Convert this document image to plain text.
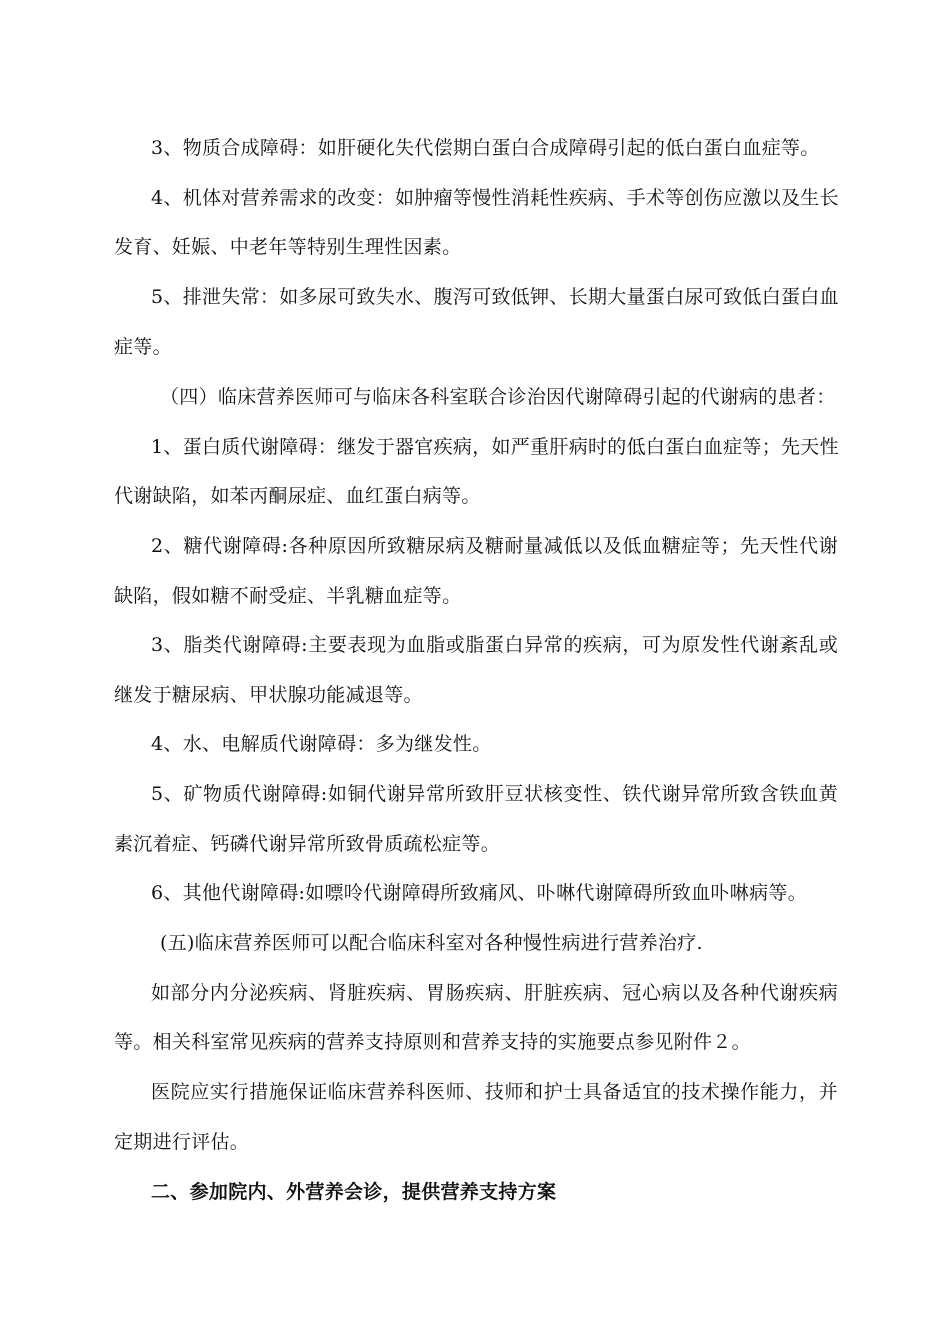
3、物质合成障碍：如肝硬化失代偿期白蛋白合成障碍引起的低白蛋白血症等。
4、机体对营养需求的改变：如肿瘤等慢性消耗性疾病、手术等创伤应激以及生长
发育、妊娠、中老年等特别生理性因素。
5、排泄失常：如多尿可致失水、腹泻可致低钾、长期大量蛋白尿可致低白蛋白血
症等。
（四）临床营养医师可与临床各科室联合诊治因代谢障碍引起的代谢病的患者：
1、蛋白质代谢障碍：继发于器官疾病，如严重肝病时的低白蛋白血症等；先天性
代谢缺陷，如苯丙酮尿症、血红蛋白病等。
2、糖代谢障碍:各种原因所致糖尿病及糖耐量减低以及低血糖症等；先天性代谢
缺陷，假如糖不耐受症、半乳糖血症等。
3、脂类代谢障碍:主要表现为血脂或脂蛋白异常的疾病，可为原发性代谢紊乱或
继发于糖尿病、甲状腺功能减退等。
4、水、电解质代谢障碍：多为继发性。
5、矿物质代谢障碍:如铜代谢异常所致肝豆状核变性、铁代谢异常所致含铁血黄
素沉着症、钙磷代谢异常所致骨质疏松症等。
6、其他代谢障碍:如嘌呤代谢障碍所致痛风、卟啉代谢障碍所致血卟啉病等。
(五)临床营养医师可以配合临床科室对各种慢性病进行营养治疗.
如部分内分泌疾病、肾脏疾病、胃肠疾病、肝脏疾病、冠心病以及各种代谢疾病
等。相关科室常见疾病的营养支持原则和营养支持的实施要点参见附件２。
医院应实行措施保证临床营养科医师、技师和护士具备适宜的技术操作能力，并
定期进行评估。
二、参加院内、外营养会诊，提供营养支持方案
